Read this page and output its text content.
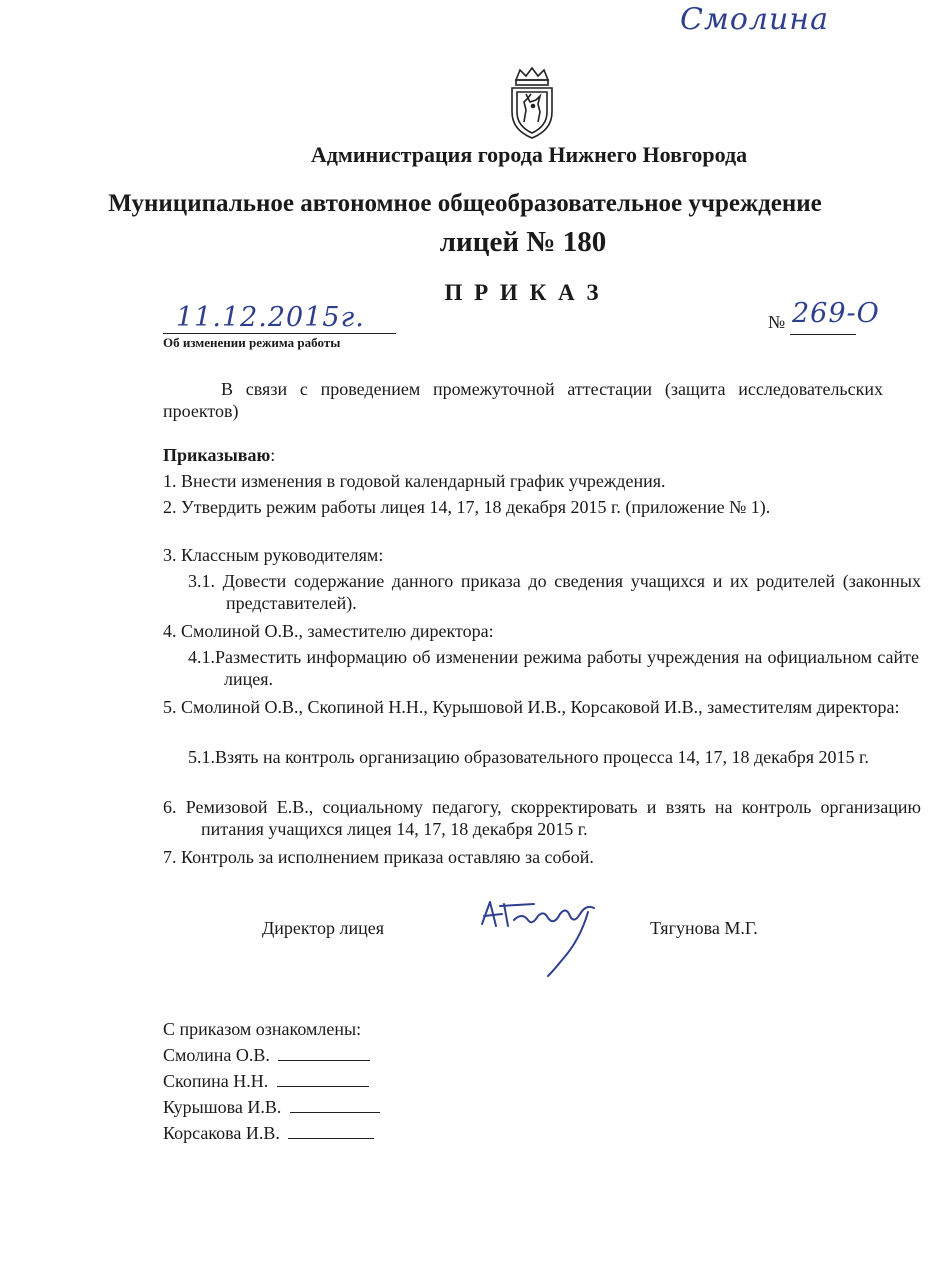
Смолина
Администрация города Нижнего Новгорода
Муниципальное автономное общеобразовательное учреждение
лицей № 180
П Р И К А З
11.12.2015г.
Об изменении режима работы
№ 269-О
В связи с проведением промежуточной аттестации (защита исследовательских проектов)
Приказываю:
1. Внести изменения в годовой календарный график учреждения.
2. Утвердить режим работы лицея 14, 17, 18 декабря 2015 г. (приложение № 1).
3. Классным руководителям:
3.1. Довести содержание данного приказа до сведения учащихся и их родителей (законных представителей).
4. Смолиной О.В., заместителю директора:
4.1.Разместить информацию об изменении режима работы учреждения на официальном сайте лицея.
5. Смолиной О.В., Скопиной Н.Н., Курышовой И.В., Корсаковой И.В., заместителям директора:
5.1.Взять на контроль организацию образовательного процесса 14, 17, 18 декабря 2015 г.
6. Ремизовой Е.В., социальному педагогу, скорректировать и взять на контроль организацию питания учащихся лицея 14, 17, 18 декабря 2015 г.
7. Контроль за исполнением приказа оставляю за собой.
Директор лицея	Тягунова М.Г.
С приказом ознакомлены:
Смолина О.В.
Скопина Н.Н.
Курышова И.В.
Корсакова И.В.
